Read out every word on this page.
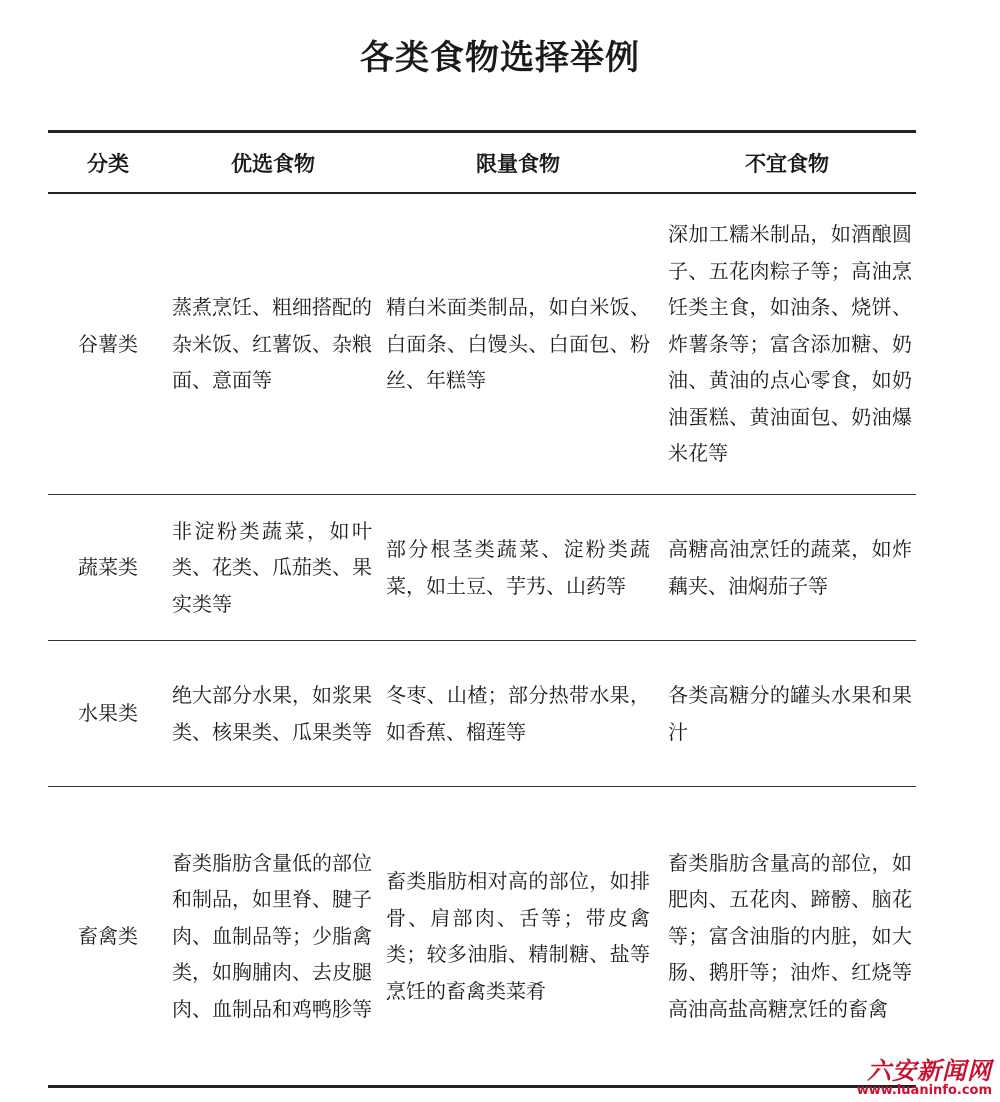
各类食物选择举例
分类	优选食物	限量食物	不宜食物
谷薯类	蒸煮烹饪、粗细搭配的杂米饭、红薯饭、杂粮面、意面等	精白米面类制品，如白米饭、白面条、白馒头、白面包、粉丝、年糕等	深加工糯米制品，如酒酿圆子、五花肉粽子等；高油烹饪类主食，如油条、烧饼、炸薯条等；富含添加糖、奶油、黄油的点心零食，如奶油蛋糕、黄油面包、奶油爆米花等
蔬菜类	非淀粉类蔬菜，如叶类、花类、瓜茄类、果实类等	部分根茎类蔬菜、淀粉类蔬菜，如土豆、芋艿、山药等	高糖高油烹饪的蔬菜，如炸藕夹、油焖茄子等
水果类	绝大部分水果，如浆果类、核果类、瓜果类等	冬枣、山楂；部分热带水果，如香蕉、榴莲等	各类高糖分的罐头水果和果汁
畜禽类	畜类脂肪含量低的部位和制品，如里脊、腱子肉、血制品等；少脂禽类，如胸脯肉、去皮腿肉、血制品和鸡鸭胗等	畜类脂肪相对高的部位，如排骨、肩部肉、舌等；带皮禽类；较多油脂、精制糖、盐等烹饪的畜禽类菜肴	畜类脂肪含量高的部位，如肥肉、五花肉、蹄髈、脑花等；富含油脂的内脏，如大肠、鹅肝等；油炸、红烧等高油高盐高糖烹饪的畜禽
六安新闻网
www.luaninfo.com
